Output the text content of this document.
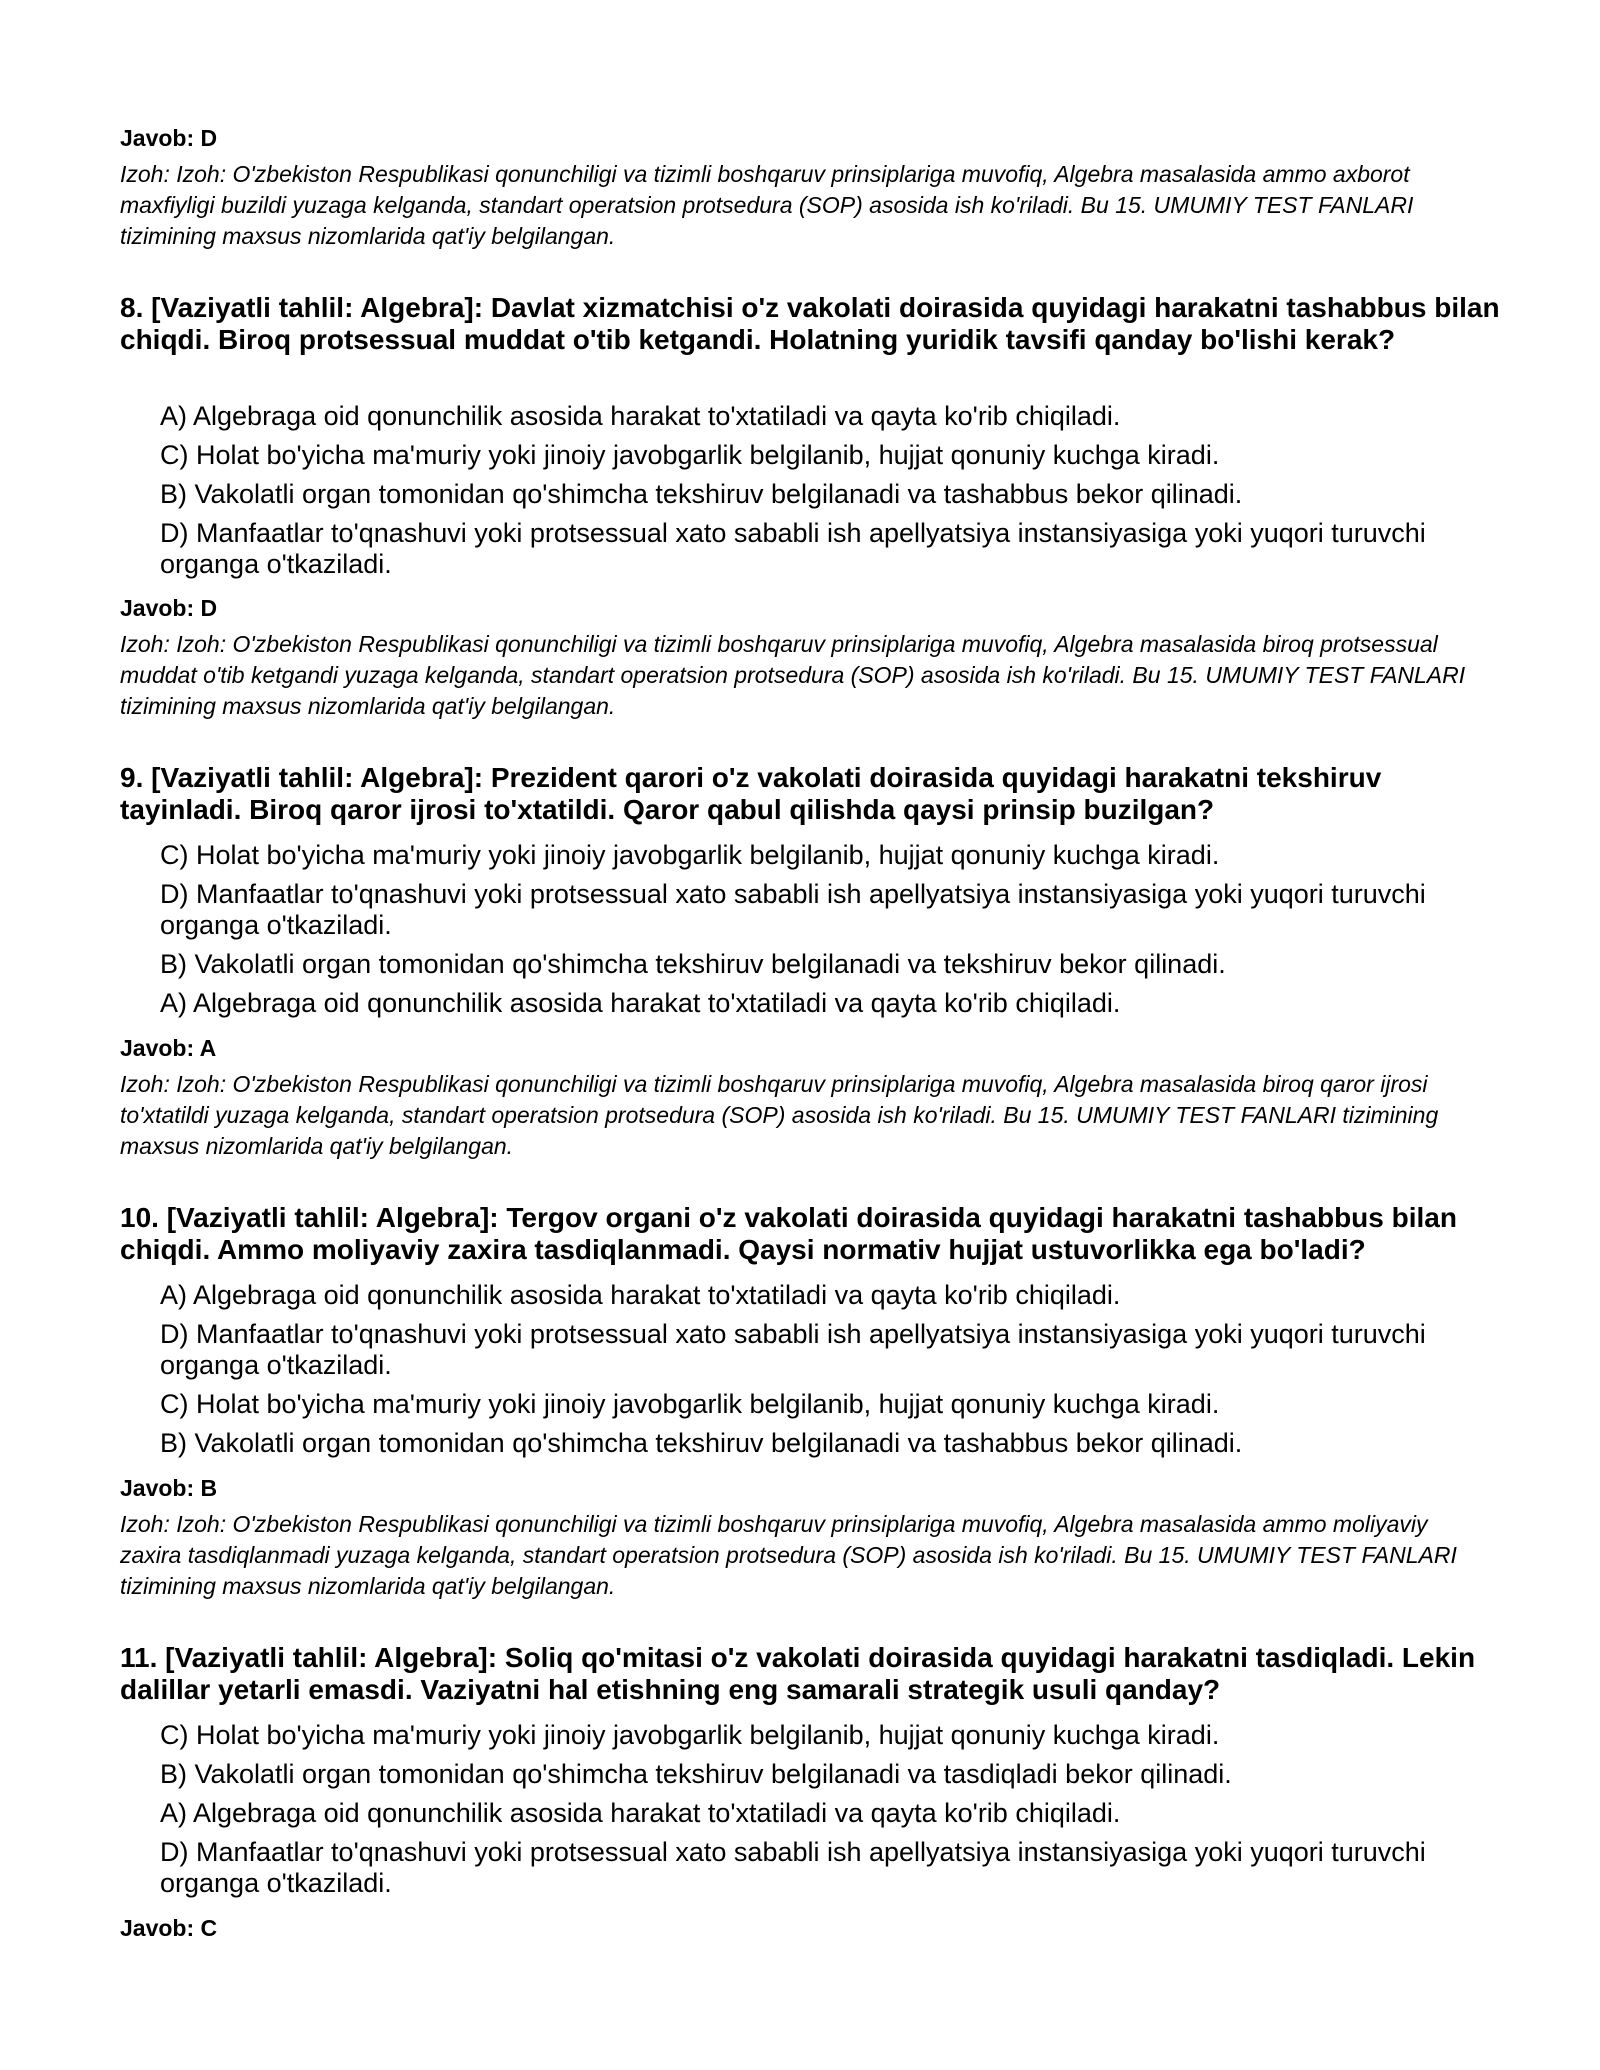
Javob: D
Izoh: Izoh: O'zbekiston Respublikasi qonunchiligi va tizimli boshqaruv prinsiplariga muvofiq, Algebra masalasida ammo axborot maxfiyligi buzildi yuzaga kelganda, standart operatsion protsedura (SOP) asosida ish ko'riladi. Bu 15. UMUMIY TEST FANLARI tizimining maxsus nizomlarida qat'iy belgilangan.
8. [Vaziyatli tahlil: Algebra]: Davlat xizmatchisi o'z vakolati doirasida quyidagi harakatni tashabbus bilan chiqdi. Biroq protsessual muddat o'tib ketgandi. Holatning yuridik tavsifi qanday bo'lishi kerak?
A) Algebraga oid qonunchilik asosida harakat to'xtatiladi va qayta ko'rib chiqiladi.
C) Holat bo'yicha ma'muriy yoki jinoiy javobgarlik belgilanib, hujjat qonuniy kuchga kiradi.
B) Vakolatli organ tomonidan qo'shimcha tekshiruv belgilanadi va tashabbus bekor qilinadi.
D) Manfaatlar to'qnashuvi yoki protsessual xato sababli ish apellyatsiya instansiyasiga yoki yuqori turuvchi organga o'tkaziladi.
Javob: D
Izoh: Izoh: O'zbekiston Respublikasi qonunchiligi va tizimli boshqaruv prinsiplariga muvofiq, Algebra masalasida biroq protsessual muddat o'tib ketgandi yuzaga kelganda, standart operatsion protsedura (SOP) asosida ish ko'riladi. Bu 15. UMUMIY TEST FANLARI tizimining maxsus nizomlarida qat'iy belgilangan.
9. [Vaziyatli tahlil: Algebra]: Prezident qarori o'z vakolati doirasida quyidagi harakatni tekshiruv tayinladi. Biroq qaror ijrosi to'xtatildi. Qaror qabul qilishda qaysi prinsip buzilgan?
C) Holat bo'yicha ma'muriy yoki jinoiy javobgarlik belgilanib, hujjat qonuniy kuchga kiradi.
D) Manfaatlar to'qnashuvi yoki protsessual xato sababli ish apellyatsiya instansiyasiga yoki yuqori turuvchi organga o'tkaziladi.
B) Vakolatli organ tomonidan qo'shimcha tekshiruv belgilanadi va tekshiruv bekor qilinadi.
A) Algebraga oid qonunchilik asosida harakat to'xtatiladi va qayta ko'rib chiqiladi.
Javob: A
Izoh: Izoh: O'zbekiston Respublikasi qonunchiligi va tizimli boshqaruv prinsiplariga muvofiq, Algebra masalasida biroq qaror ijrosi to'xtatildi yuzaga kelganda, standart operatsion protsedura (SOP) asosida ish ko'riladi. Bu 15. UMUMIY TEST FANLARI tizimining maxsus nizomlarida qat'iy belgilangan.
10. [Vaziyatli tahlil: Algebra]: Tergov organi o'z vakolati doirasida quyidagi harakatni tashabbus bilan chiqdi. Ammo moliyaviy zaxira tasdiqlanmadi. Qaysi normativ hujjat ustuvorlikka ega bo'ladi?
A) Algebraga oid qonunchilik asosida harakat to'xtatiladi va qayta ko'rib chiqiladi.
D) Manfaatlar to'qnashuvi yoki protsessual xato sababli ish apellyatsiya instansiyasiga yoki yuqori turuvchi organga o'tkaziladi.
C) Holat bo'yicha ma'muriy yoki jinoiy javobgarlik belgilanib, hujjat qonuniy kuchga kiradi.
B) Vakolatli organ tomonidan qo'shimcha tekshiruv belgilanadi va tashabbus bekor qilinadi.
Javob: B
Izoh: Izoh: O'zbekiston Respublikasi qonunchiligi va tizimli boshqaruv prinsiplariga muvofiq, Algebra masalasida ammo moliyaviy zaxira tasdiqlanmadi yuzaga kelganda, standart operatsion protsedura (SOP) asosida ish ko'riladi. Bu 15. UMUMIY TEST FANLARI tizimining maxsus nizomlarida qat'iy belgilangan.
11. [Vaziyatli tahlil: Algebra]: Soliq qo'mitasi o'z vakolati doirasida quyidagi harakatni tasdiqladi. Lekin dalillar yetarli emasdi. Vaziyatni hal etishning eng samarali strategik usuli qanday?
C) Holat bo'yicha ma'muriy yoki jinoiy javobgarlik belgilanib, hujjat qonuniy kuchga kiradi.
B) Vakolatli organ tomonidan qo'shimcha tekshiruv belgilanadi va tasdiqladi bekor qilinadi.
A) Algebraga oid qonunchilik asosida harakat to'xtatiladi va qayta ko'rib chiqiladi.
D) Manfaatlar to'qnashuvi yoki protsessual xato sababli ish apellyatsiya instansiyasiga yoki yuqori turuvchi organga o'tkaziladi.
Javob: C
